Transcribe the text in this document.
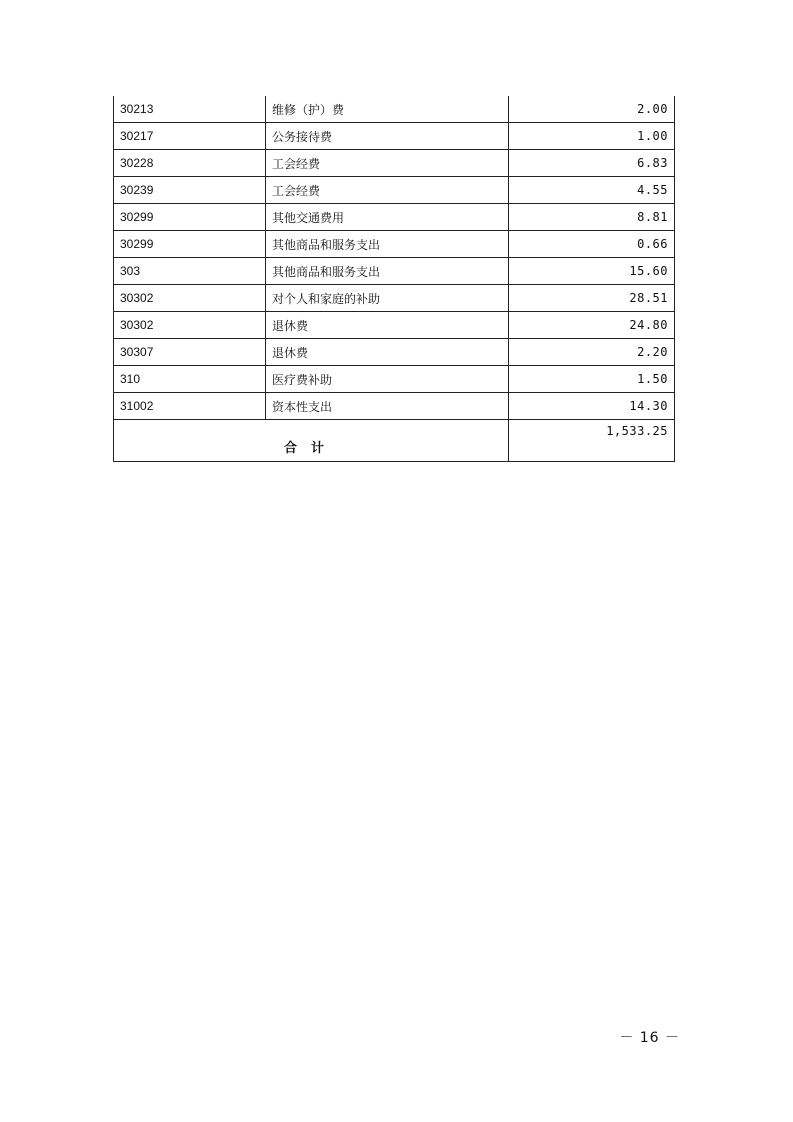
30213	维修（护）费	2.00
30217	公务接待费	1.00
30228	工会经费	6.83
30239	工会经费	4.55
30299	其他交通费用	8.81
30299	其他商品和服务支出	0.66
303	其他商品和服务支出	15.60
30302	对个人和家庭的补助	28.51
30302	退休费	24.80
30307	退休费	2.20
310	医疗费补助	1.50
31002	资本性支出	14.30
合计		1,533.25
－ 16 －
